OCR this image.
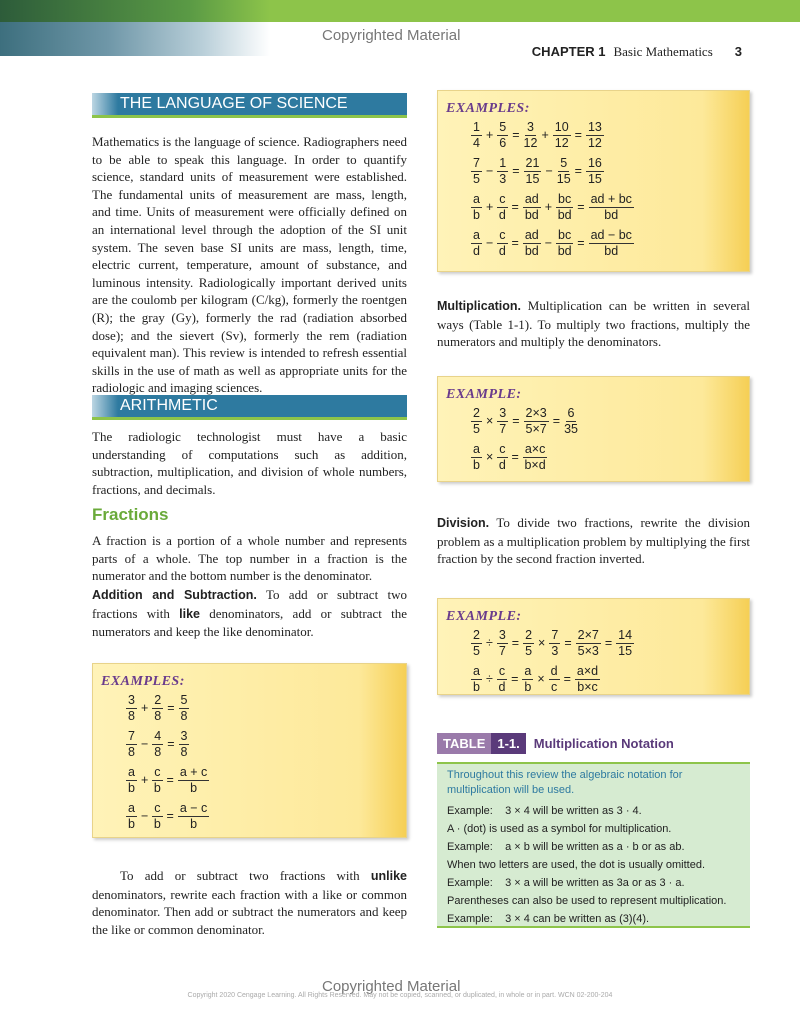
Copyrighted Material
CHAPTER 1 Basic Mathematics 3
THE LANGUAGE OF SCIENCE
Mathematics is the language of science. Radiographers need to be able to speak this language. In order to quantify science, standard units of measurement were established. The fundamental units of measurement are mass, length, and time. Units of measurement were officially defined on an international level through the adoption of the SI unit system. The seven base SI units are mass, length, time, electric current, temperature, amount of substance, and luminous intensity. Radiologically important derived units are the coulomb per kilogram (C/kg), formerly the roentgen (R); the gray (Gy), formerly the rad (radiation absorbed dose); and the sievert (Sv), formerly the rem (radiation equivalent man). This review is intended to refresh essential skills in the use of math as well as appropriate units for the radiologic and imaging sciences.
ARITHMETIC
The radiologic technologist must have a basic understanding of computations such as addition, subtraction, multiplication, and division of whole numbers, fractions, and decimals.
Fractions
A fraction is a portion of a whole number and represents parts of a whole. The top number in a fraction is the numerator and the bottom number is the denominator.
Addition and Subtraction. To add or subtract two fractions with like denominators, add or subtract the numerators and keep the like denominator.
EXAMPLES:
3
8
+ $\frac{2}{8} = \frac{5}{8}$
7
8
− $\frac{4}{8} = \frac{3}{8}$
a
b
+ $\frac{c}{b} = \frac{a + c}{b}$
a
b
− $\frac{c}{b} = \frac{a - c}{b}$
To add or subtract two fractions with unlike denominators, rewrite each fraction with a like or common denominator. Then add or subtract the numerators and keep the like or common denominator.
EXAMPLES:
1
4
+ $\frac{5}{6} = \frac{3}{12} + \frac{10}{12} = \frac{13}{12}$
7
5
− $\frac{1}{3} = \frac{21}{15} - \frac{5}{15} = \frac{16}{15}$
a
b
+ $\frac{c}{d} = \frac{ad}{bd} + \frac{bc}{bd} = \frac{ad + bc}{bd}$
a
d
− $\frac{c}{d} = \frac{ad}{bd} - \frac{bc}{bd} = \frac{ad - bc}{bd}$
Multiplication. Multiplication can be written in several ways (Table 1-1). To multiply two fractions, multiply the numerators and multiply the denominators.
EXAMPLE:
$\frac{2}{5} \times \frac{3}{7} = \frac{2\times 3}{5\times 7} = \frac{6}{35}$
$\frac{a}{b} \times \frac{c}{d} = \frac{a\times c}{b\times d}$
Division. To divide two fractions, rewrite the division problem as a multiplication problem by multiplying the first fraction by the second fraction inverted.
EXAMPLE:
$\frac{2}{5} \div \frac{3}{7} = \frac{2}{5} \times \frac{7}{3} = \frac{2\times 7}{5\times 3} = \frac{14}{15}$
$\frac{a}{b} \div \frac{c}{d} = \frac{a}{b} \times \frac{d}{c} = \frac{a\times d}{b\times c}$
TABLE 1-1.	Multiplication Notation
Throughout this review the algebraic notation for multiplication will be used.
Example:    3 × 4 will be written as 3 · 4.
A · (dot) is used as a symbol for multiplication.
Example:    a × b will be written as a · b or as ab.
When two letters are used, the dot is usually omitted.
Example:    3 × a will be written as 3a or as 3 · a.
Parentheses can also be used to represent multiplication.
Example:    3 × 4 can be written as (3)(4).
Copyrighted Material
Copyright 2020 Cengage Learning. All Rights Reserved. May not be copied, scanned, or duplicated, in whole or in part. WCN 02-200-204
